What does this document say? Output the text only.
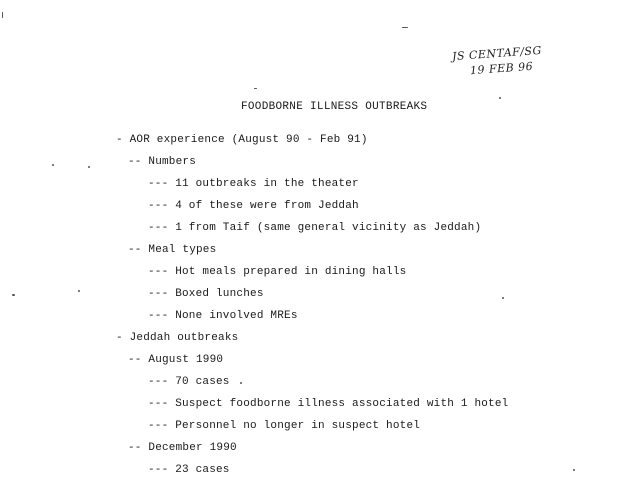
JS CENTAF/SG
19 FEB 96
FOODBORNE ILLNESS OUTBREAKS
- AOR experience (August 90 - Feb 91)
-- Numbers
--- 11 outbreaks in the theater
--- 4 of these were from Jeddah
--- 1 from Taif (same general vicinity as Jeddah)
-- Meal types
--- Hot meals prepared in dining halls
--- Boxed lunches
--- None involved MREs
- Jeddah outbreaks
-- August 1990
--- 70 cases
--- Suspect foodborne illness associated with 1 hotel
--- Personnel no longer in suspect hotel
-- December 1990
--- 23 cases
